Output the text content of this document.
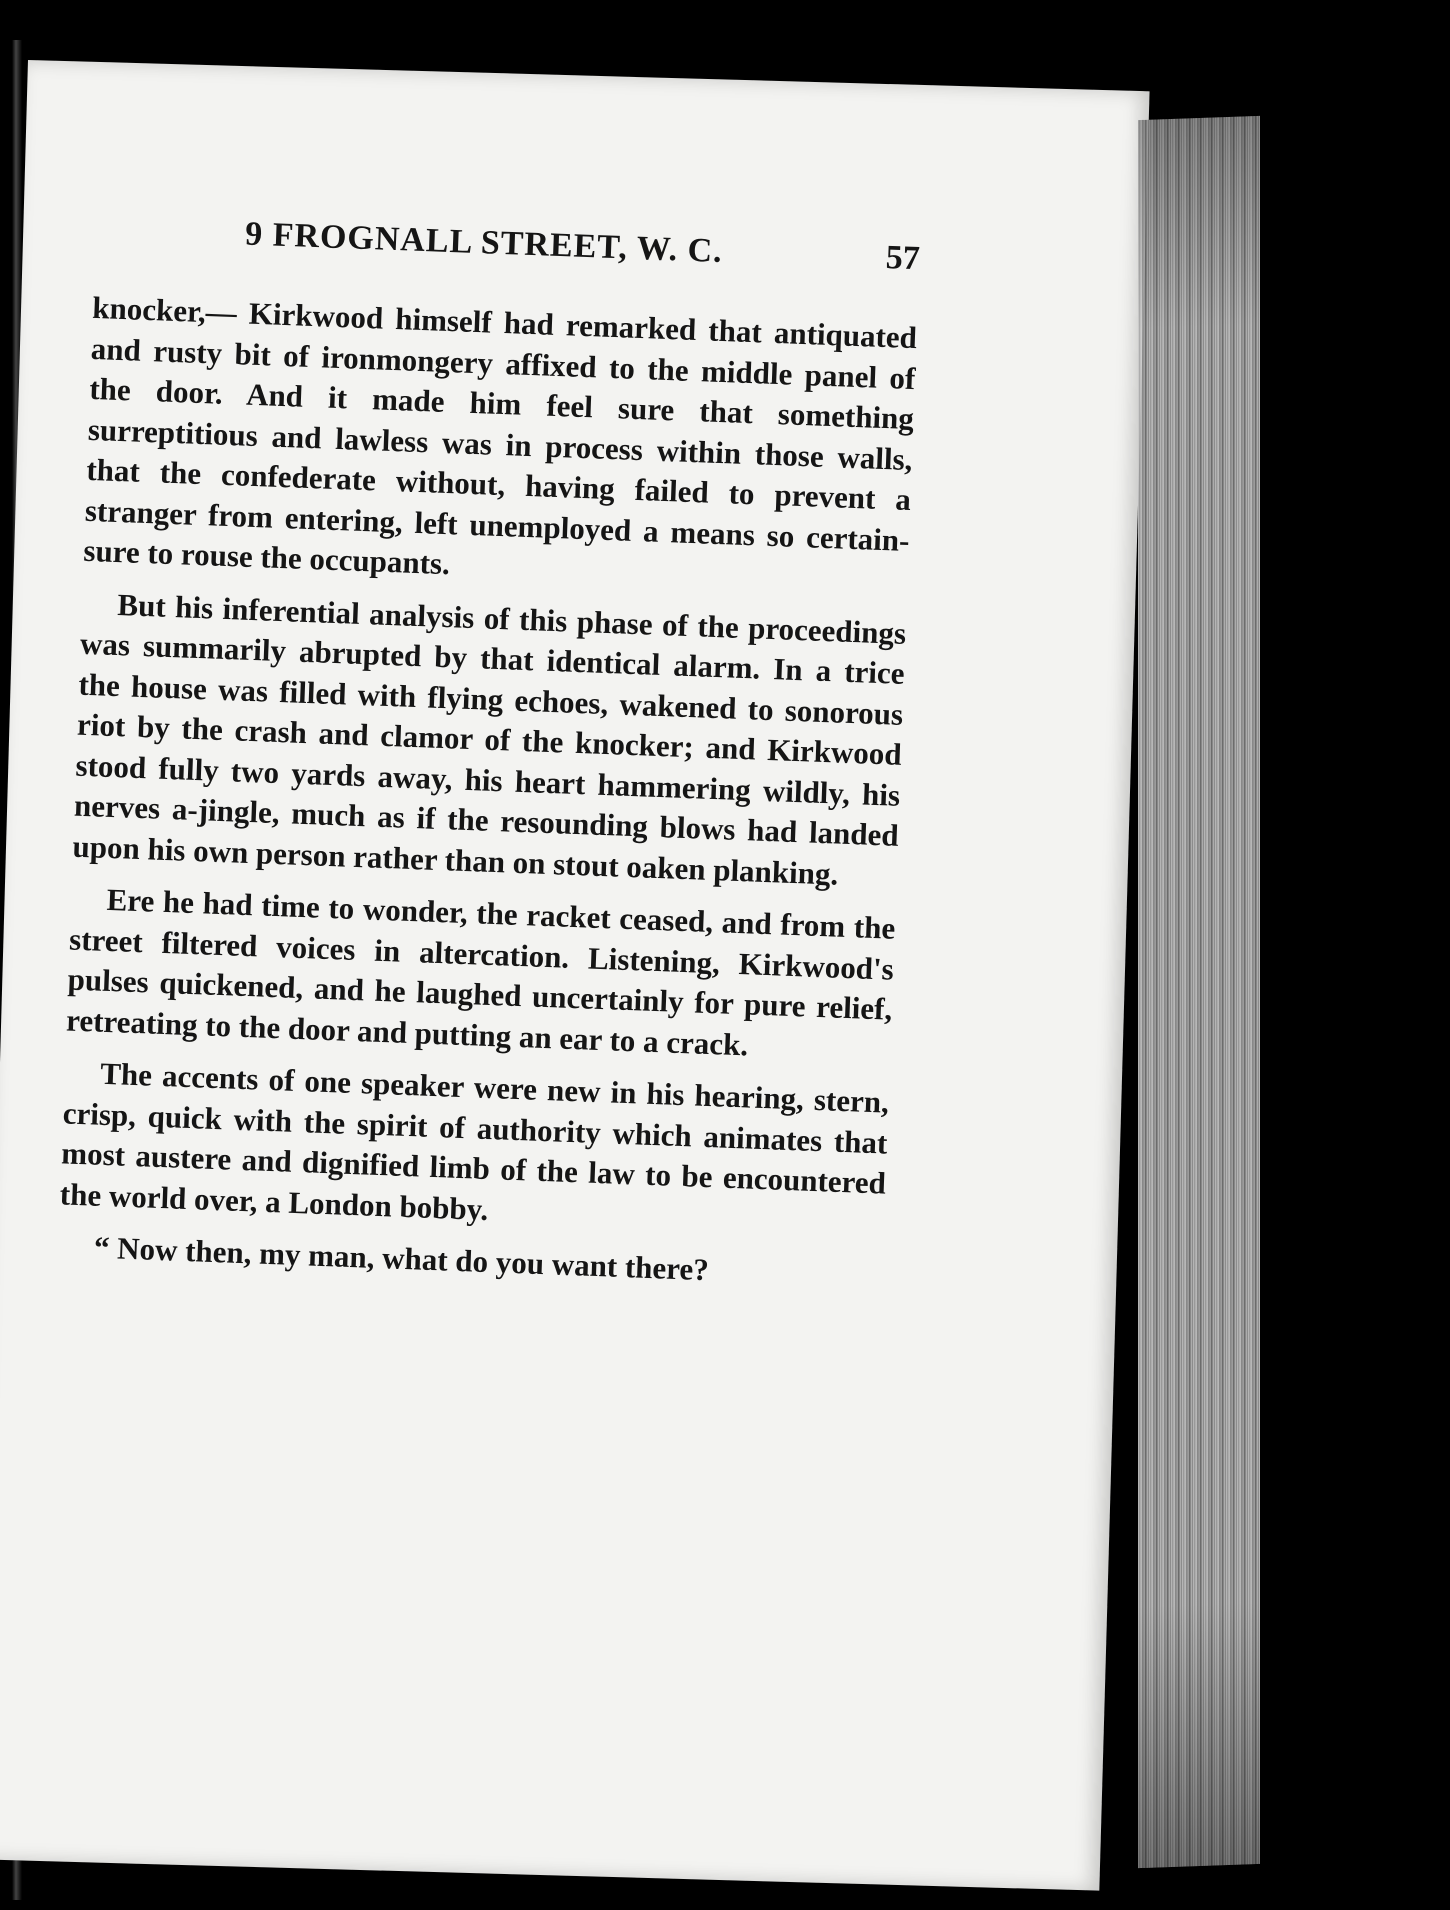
9 FROGNALL STREET, W. C.	57

knocker,— Kirkwood himself had remarked that antiquated and rusty bit of ironmongery affixed to the middle panel of the door. And it made him feel sure that something surreptitious and lawless was in process within those walls, that the confederate without, having failed to prevent a stranger from entering, left unemployed a means so certain-sure to rouse the occupants.

But his inferential analysis of this phase of the proceedings was summarily abrupted by that identical alarm. In a trice the house was filled with flying echoes, wakened to sonorous riot by the crash and clamor of the knocker; and Kirkwood stood fully two yards away, his heart hammering wildly, his nerves a-jingle, much as if the resounding blows had landed upon his own person rather than on stout oaken planking.

Ere he had time to wonder, the racket ceased, and from the street filtered voices in altercation. Listening, Kirkwood's pulses quickened, and he laughed uncertainly for pure relief, retreating to the door and putting an ear to a crack.

The accents of one speaker were new in his hearing, stern, crisp, quick with the spirit of authority which animates that most austere and dignified limb of the law to be encountered the world over, a London bobby.

“ Now then, my man, what do you want there?
